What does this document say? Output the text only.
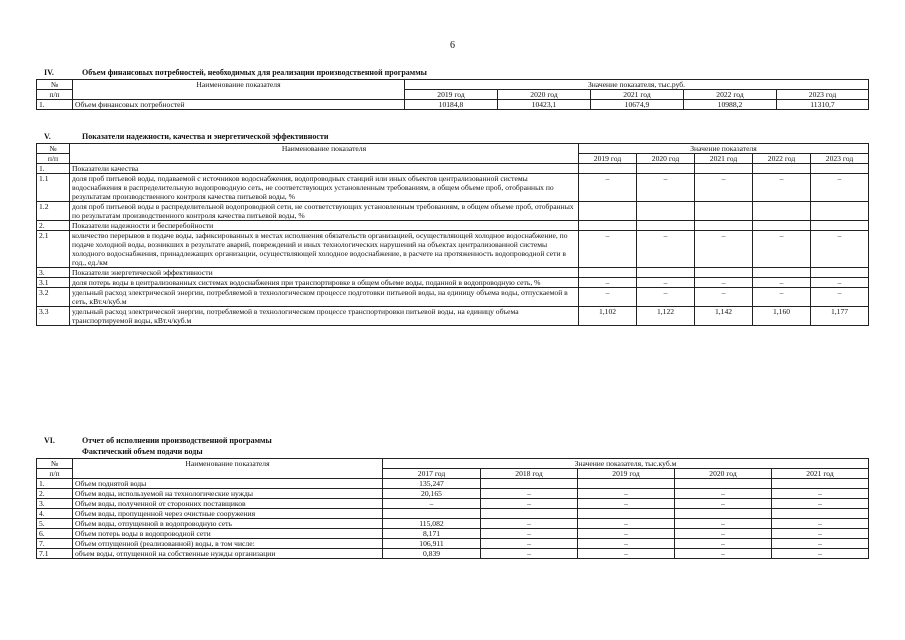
6
IV.	Объем финансовых потребностей, необходимых для реализации производственной программы
№	Наименование показателя	Значение показателя, тыс.руб.				
п/п		2019 год	2020 год	2021 год	2022 год	2023 год
1.	Объем финансовых потребностей	10184,8	10423,1	10674,9	10988,2	11310,7
V.	Показатели надежности, качества и энергетической эффективности
№	Наименование показателя	Значение показателя				
п/п		2019 год	2020 год	2021 год	2022 год	2023 год
1.	Показатели качества					
1.1	доля проб питьевой воды, подаваемой с источников водоснабжения, водопроводных станций или иных объектов централизованной системы водоснабжения в распределительную водопроводную сеть, не соответствующих установленным требованиям, в общем объеме проб, отобранных по результатам производственного контроля качества питьевой воды, %	–	–	–	–	–
1.2	доля проб питьевой воды в распределительной водопроводной сети, не соответствующих установленным требованиям, в общем объеме проб, отобранных по результатам производственного контроля качества питьевой воды, %					
2.	Показатели надежности и бесперебойности					
2.1	количество перерывов в подаче воды, зафиксированных в местах исполнения обязательств организацией, осуществляющей холодное водоснабжение, по подаче холодной воды, возникших в результате аварий, повреждений и иных технологических нарушений на объектах централизованной системы холодного водоснабжения, принадлежащих организации, осуществляющей холодное водоснабжение, в расчете на протяженность водопроводной сети в год., ед./км	–	–	–	–	–
3.	Показатели энергетической эффективности					
3.1	доля потерь воды в централизованных системах водоснабжения при транспортировке в общем объеме воды, поданной в водопроводную сеть, %	–	–	–	–	–
3.2	удельный расход электрической энергии, потребляемой в технологическом процессе подготовки питьевой воды, на единицу объема воды, отпускаемой в сеть, кВт.ч/куб.м	–	–	–	–	–
3.3	удельный расход электрической энергии, потребляемой в технологическом процессе транспортировки питьевой воды, на единицу объема транспортируемой воды, кВт.ч/куб.м	1,102	1,122	1,142	1,160	1,177
VI.	Отчет об исполнении производственной программы
Фактический объем подачи воды
№	Наименование показателя	Значение показателя, тыс.куб.м				
п/п		2017 год	2018 год	2019 год	2020 год	2021 год
1.	Объем поднятой воды	135,247				
2.	Объем воды, используемой на технологические нужды	20,165	–	–	–	–
3.	Объем воды, полученной от сторонних поставщиков	–	–	–	–	–
4.	Объем воды, пропущенной через очистные сооружения					
5.	Объем воды, отпущенной в водопроводную сеть	115,082	–	–	–	–
6.	Объем потерь воды в водопроводной сети	8,171	–	–	–	–
7.	Объем отпущенной (реализованной) воды, в том числе:	106,911	–	–	–	–
7.1	объем воды, отпущенной на собственные нужды организации	0,839	–	–	–	–
